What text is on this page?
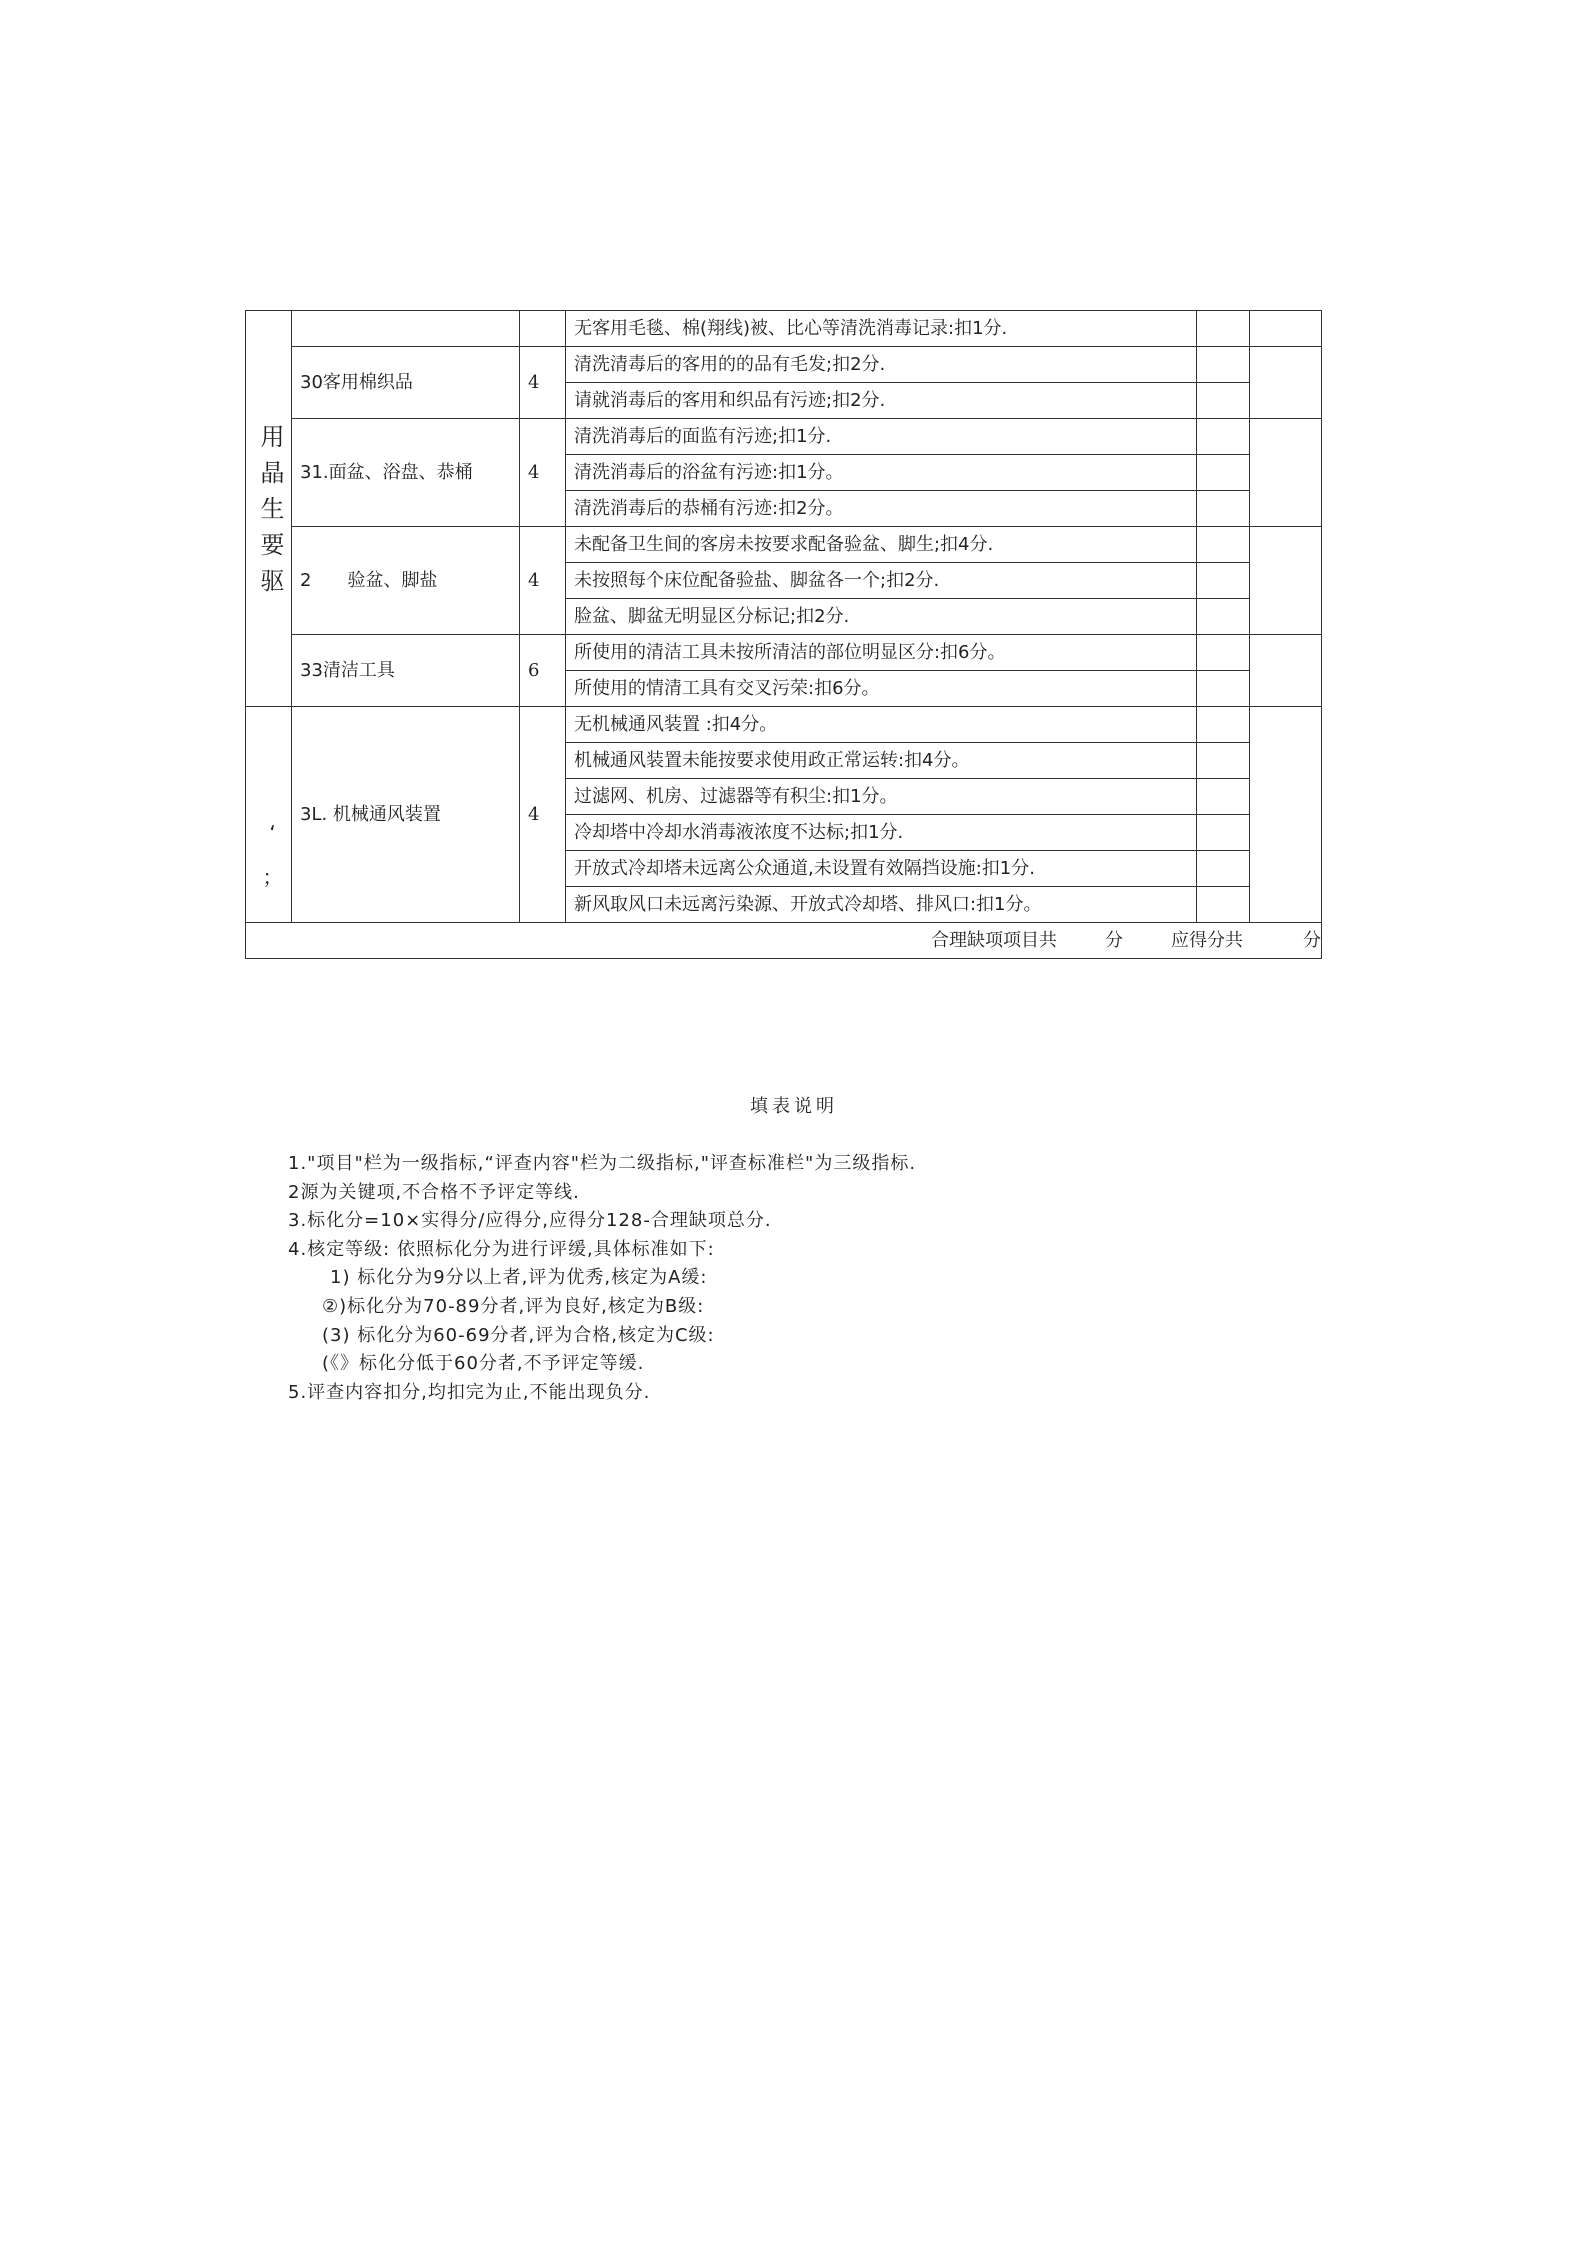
用
晶
生
要
驱			无客用毛毯、棉(翔线)被、比心等清洗消毒记录:扣1分.		
	30客用棉织品	4	清洗清毒后的客用的的品有毛发;扣2分.		
			请就消毒后的客用和织品有污迹;扣2分.		
	31.面盆、浴盘、恭桶	4	清洗消毒后的面监有污迹;扣1分.		
			清洗消毒后的浴盆有污迹:扣1分。		
			清洗消毒后的恭桶有污迹:扣2分。		
	2　　验盆、脚盐	4	未配备卫生间的客房未按要求配备验盆、脚生;扣4分.		
			未按照每个床位配备验盐、脚盆各一个;扣2分.		
			脸盆、脚盆无明显区分标记;扣2分.		
	33清洁工具	6	所使用的清洁工具未按所清洁的部位明显区分:扣6分。		
			所使用的情清工具有交叉污荣:扣6分。		
‘
；	3L. 机械通风装置	4	无机械通风装置 :扣4分。		
			机械通风装置未能按要求使用政正常运转:扣4分。		
			过滤网、机房、过滤器等有积尘:扣1分。		
			冷却塔中冷却水消毒液浓度不达标;扣1分.		
			开放式冷却塔未远离公众通道,未设置有效隔挡设施:扣1分.		
			新风取风口未远离污染源、开放式冷却塔、排风口:扣1分。		
合理缺项项目共 分 应得分共 分					
填表说明
1."项目"栏为一级指标,“评查内容"栏为二级指标,"评查标准栏"为三级指标.
2源为关键项,不合格不予评定等线.
3.标化分=10×实得分/应得分,应得分128-合理缺项总分.
4.核定等级: 依照标化分为进行评缓,具体标准如下:
1) 标化分为9分以上者,评为优秀,核定为A缓:
②)标化分为70-89分者,评为良好,核定为B级:
(3) 标化分为60-69分者,评为合格,核定为C级:
(《》标化分低于60分者,不予评定等缓.
5.评查内容扣分,均扣完为止,不能出现负分.
